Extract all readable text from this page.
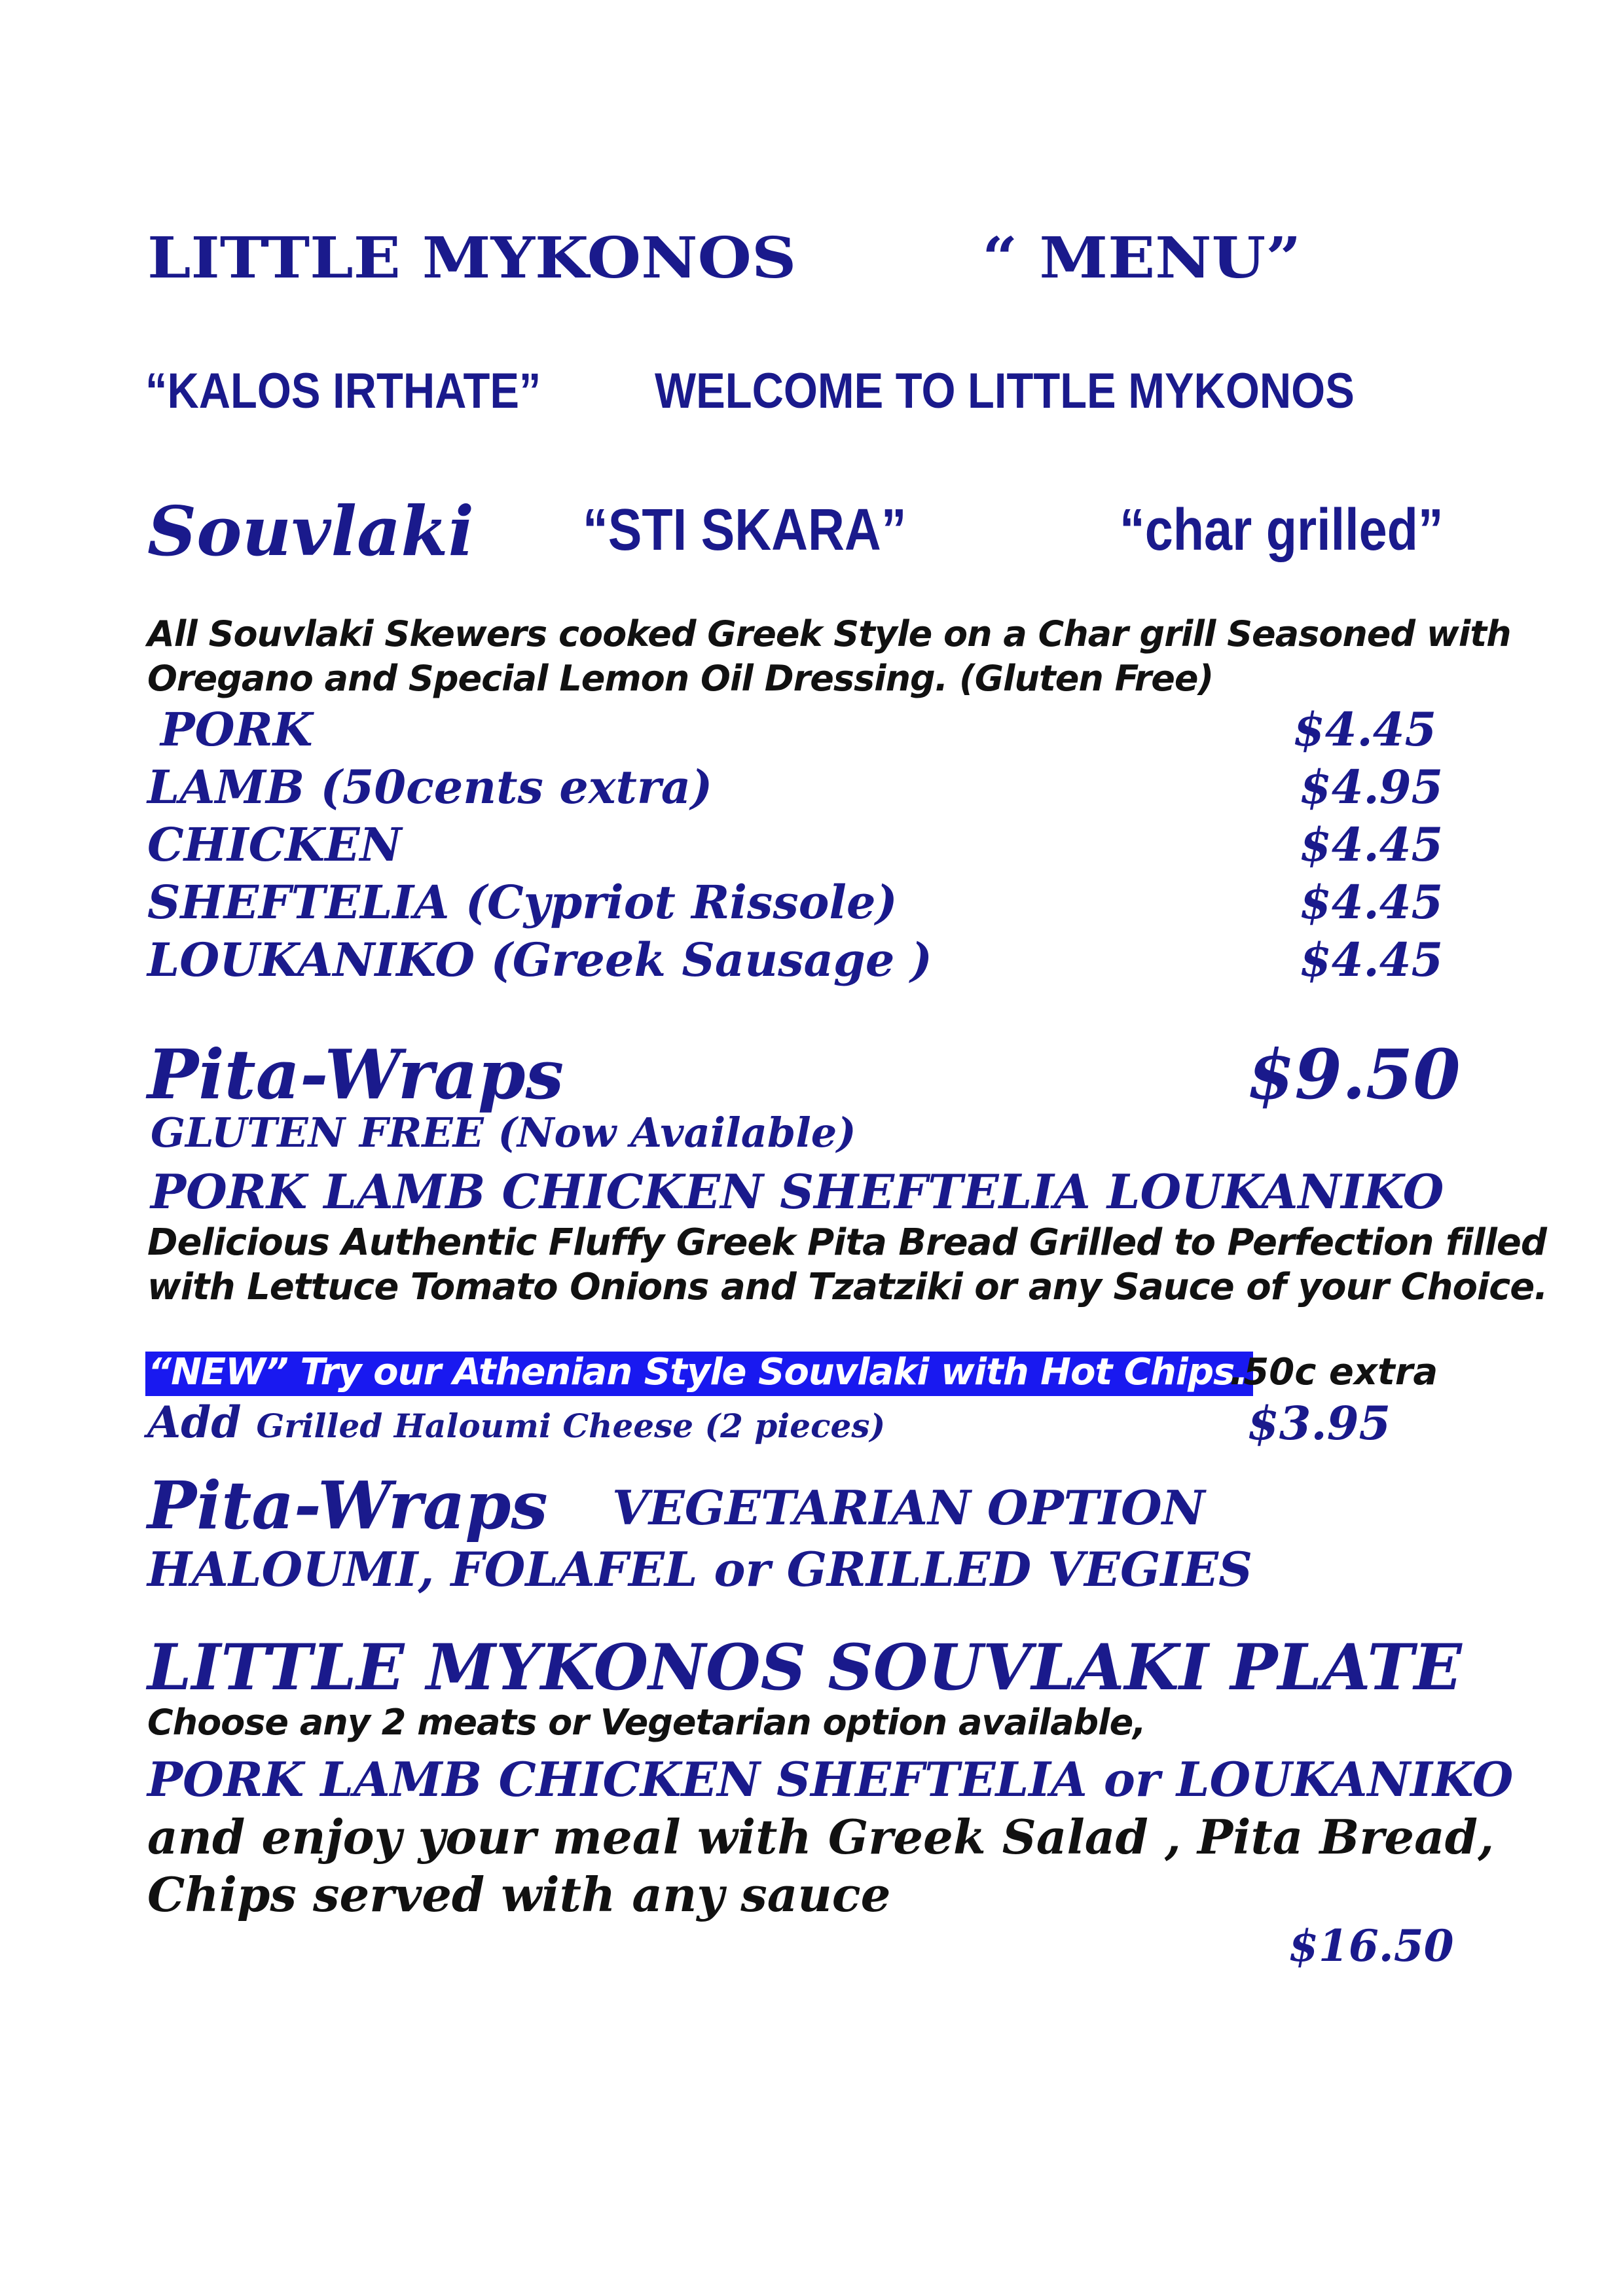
LITTLE MYKONOS	“ MENU”
“KALOS IRTHATE” WELCOME TO LITTLE MYKONOS
Souvlaki “STI SKARA”	“char grilled”
All Souvlaki Skewers cooked Greek Style on a Char grill Seasoned with Oregano and Special Lemon Oil Dressing. (Gluten Free)
PORK	$4.45
LAMB (50cents extra)	$4.95
CHICKEN	$4.45
SHEFTELIA (Cypriot Rissole)	$4.45
LOUKANIKO (Greek Sausage )	$4.45
Pita-Wraps	$9.50
GLUTEN FREE (Now Available)
PORK LAMB CHICKEN SHEFTELIA LOUKANIKO
Delicious Authentic Fluffy Greek Pita Bread Grilled to Perfection filled with Lettuce Tomato Onions and Tzatziki or any Sauce of your Choice.
“NEW” Try our Athenian Style Souvlaki with Hot Chips.
.50c extra
Add Grilled Haloumi Cheese (2 pieces)	$3.95
Pita-Wraps VEGETARIAN OPTION
HALOUMI, FOLAFEL or GRILLED VEGIES
LITTLE MYKONOS SOUVLAKI PLATE
Choose any 2 meats or Vegetarian option available,
PORK LAMB CHICKEN SHEFTELIA or LOUKANIKO and enjoy your meal with Greek Salad , Pita Bread, Chips served with any sauce
$16.50
